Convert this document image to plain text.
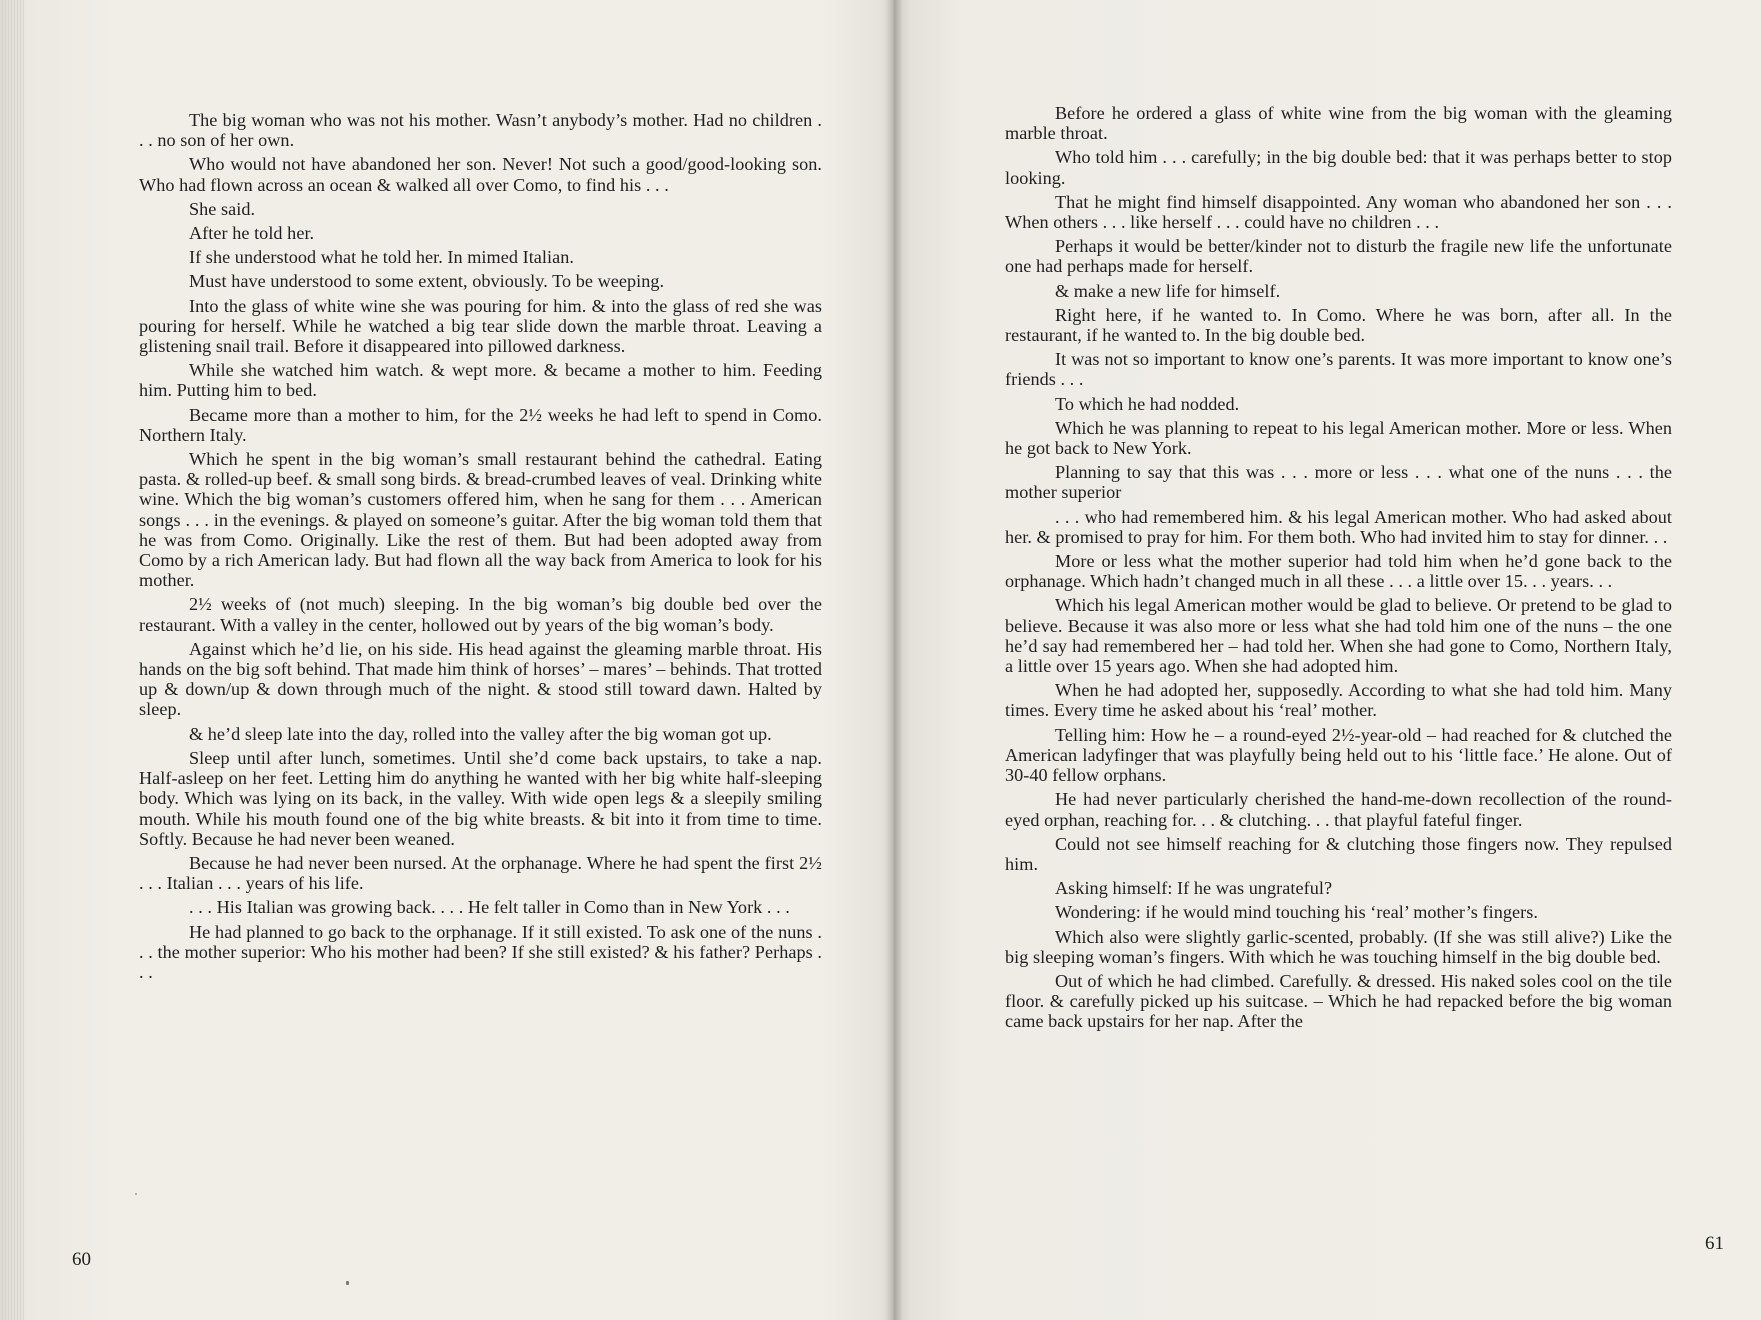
The big woman who was not his mother. Wasn’t anybody’s mother. Had no children . . . no son of her own.

Who would not have abandoned her son. Never! Not such a good/good-looking son. Who had flown across an ocean & walked all over Como, to find his . . .

She said.

After he told her.

If she understood what he told her. In mimed Italian.

Must have understood to some extent, obviously. To be weeping.

Into the glass of white wine she was pouring for him. & into the glass of red she was pouring for herself. While he watched a big tear slide down the marble throat. Leaving a glistening snail trail. Before it disappeared into pillowed darkness.

While she watched him watch. & wept more. & became a mother to him. Feeding him. Putting him to bed.

Became more than a mother to him, for the 2½ weeks he had left to spend in Como. Northern Italy.

Which he spent in the big woman’s small restaurant behind the cathedral. Eating pasta. & rolled-up beef. & small song birds. & bread-crumbed leaves of veal. Drinking white wine. Which the big woman’s customers offered him, when he sang for them . . . American songs . . . in the evenings. & played on someone’s guitar. After the big woman told them that he was from Como. Originally. Like the rest of them. But had been adopted away from Como by a rich American lady. But had flown all the way back from America to look for his mother.

2½ weeks of (not much) sleeping. In the big woman’s big double bed over the restaurant. With a valley in the center, hollowed out by years of the big woman’s body.

Against which he’d lie, on his side. His head against the gleaming marble throat. His hands on the big soft behind. That made him think of horses’ – mares’ – behinds. That trotted up & down/up & down through much of the night. & stood still toward dawn. Halted by sleep.

& he’d sleep late into the day, rolled into the valley after the big woman got up.

Sleep until after lunch, sometimes. Until she’d come back upstairs, to take a nap. Half-asleep on her feet. Letting him do anything he wanted with her big white half-sleeping body. Which was lying on its back, in the valley. With wide open legs & a sleepily smiling mouth. While his mouth found one of the big white breasts. & bit into it from time to time. Softly. Because he had never been weaned.

Because he had never been nursed. At the orphanage. Where he had spent the first 2½ . . . Italian . . . years of his life.

. . . His Italian was growing back. . . . He felt taller in Como than in New York . . .

He had planned to go back to the orphanage. If it still existed. To ask one of the nuns . . . the mother superior: Who his mother had been? If she still existed? & his father? Perhaps . . .

60

Before he ordered a glass of white wine from the big woman with the gleaming marble throat.

Who told him . . . carefully; in the big double bed: that it was perhaps better to stop looking.

That he might find himself disappointed. Any woman who abandoned her son . . . When others . . . like herself . . . could have no children . . .

Perhaps it would be better/kinder not to disturb the fragile new life the unfortunate one had perhaps made for herself.

& make a new life for himself.

Right here, if he wanted to. In Como. Where he was born, after all. In the restaurant, if he wanted to. In the big double bed.

It was not so important to know one’s parents. It was more important to know one’s friends . . .

To which he had nodded.

Which he was planning to repeat to his legal American mother. More or less. When he got back to New York.

Planning to say that this was . . . more or less . . . what one of the nuns . . . the mother superior

. . . who had remembered him. & his legal American mother. Who had asked about her. & promised to pray for him. For them both. Who had invited him to stay for dinner. . .

More or less what the mother superior had told him when he’d gone back to the orphanage. Which hadn’t changed much in all these . . . a little over 15. . . years. . .

Which his legal American mother would be glad to believe. Or pretend to be glad to believe. Because it was also more or less what she had told him one of the nuns – the one he’d say had remembered her – had told her. When she had gone to Como, Northern Italy, a little over 15 years ago. When she had adopted him.

When he had adopted her, supposedly. According to what she had told him. Many times. Every time he asked about his ‘real’ mother.

Telling him: How he – a round-eyed 2½-year-old – had reached for & clutched the American ladyfinger that was playfully being held out to his ‘little face.’ He alone. Out of 30-40 fellow orphans.

He had never particularly cherished the hand-me-down recollection of the round-eyed orphan, reaching for. . . & clutching. . . that playful fateful finger.

Could not see himself reaching for & clutching those fingers now. They repulsed him.

Asking himself: If he was ungrateful?

Wondering: if he would mind touching his ‘real’ mother’s fingers.

Which also were slightly garlic-scented, probably. (If she was still alive?) Like the big sleeping woman’s fingers. With which he was touching himself in the big double bed.

Out of which he had climbed. Carefully. & dressed. His naked soles cool on the tile floor. & carefully picked up his suitcase. – Which he had repacked before the big woman came back upstairs for her nap. After the

61
